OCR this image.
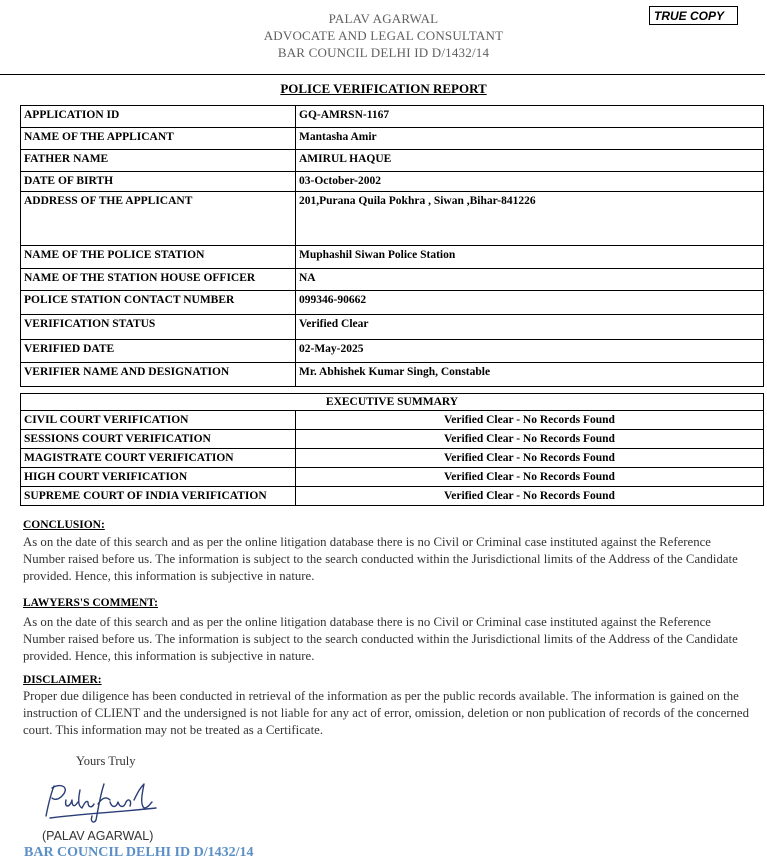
PALAV AGARWAL
ADVOCATE AND LEGAL CONSULTANT
BAR COUNCIL DELHI ID D/1432/14
TRUE COPY
POLICE VERIFICATION REPORT
APPLICATION ID	GQ-AMRSN-1167
NAME OF THE APPLICANT	Mantasha Amir
FATHER NAME	AMIRUL HAQUE
DATE OF BIRTH	03-October-2002
ADDRESS OF THE APPLICANT	201,Purana Quila Pokhra , Siwan ,Bihar-841226
NAME OF THE POLICE STATION	Muphashil Siwan Police Station
NAME OF THE STATION HOUSE OFFICER	NA
POLICE STATION CONTACT NUMBER	099346-90662
VERIFICATION STATUS	Verified Clear
VERIFIED DATE	02-May-2025
VERIFIER NAME AND DESIGNATION	Mr. Abhishek Kumar Singh, Constable
EXECUTIVE SUMMARY	
CIVIL COURT VERIFICATION	Verified Clear - No Records Found
SESSIONS COURT VERIFICATION	Verified Clear - No Records Found
MAGISTRATE COURT VERIFICATION	Verified Clear - No Records Found
HIGH COURT VERIFICATION	Verified Clear - No Records Found
SUPREME COURT OF INDIA VERIFICATION	Verified Clear - No Records Found
CONCLUSION:
As on the date of this search and as per the online litigation database there is no Civil or Criminal case instituted against the Reference Number raised before us. The information is subject to the search conducted within the Jurisdictional limits of the Address of the Candidate provided. Hence, this information is subjective in nature.
LAWYERS'S COMMENT:
As on the date of this search and as per the online litigation database there is no Civil or Criminal case instituted against the Reference Number raised before us. The information is subject to the search conducted within the Jurisdictional limits of the Address of the Candidate provided. Hence, this information is subjective in nature.
DISCLAIMER:
Proper due diligence has been conducted in retrieval of the information as per the public records available. The information is gained on the instruction of CLIENT and the undersigned is not liable for any act of error, omission, deletion or non publication of records of the concerned court. This information may not be treated as a Certificate.
Yours Truly
(PALAV AGARWAL)
BAR COUNCIL DELHI ID D/1432/14
